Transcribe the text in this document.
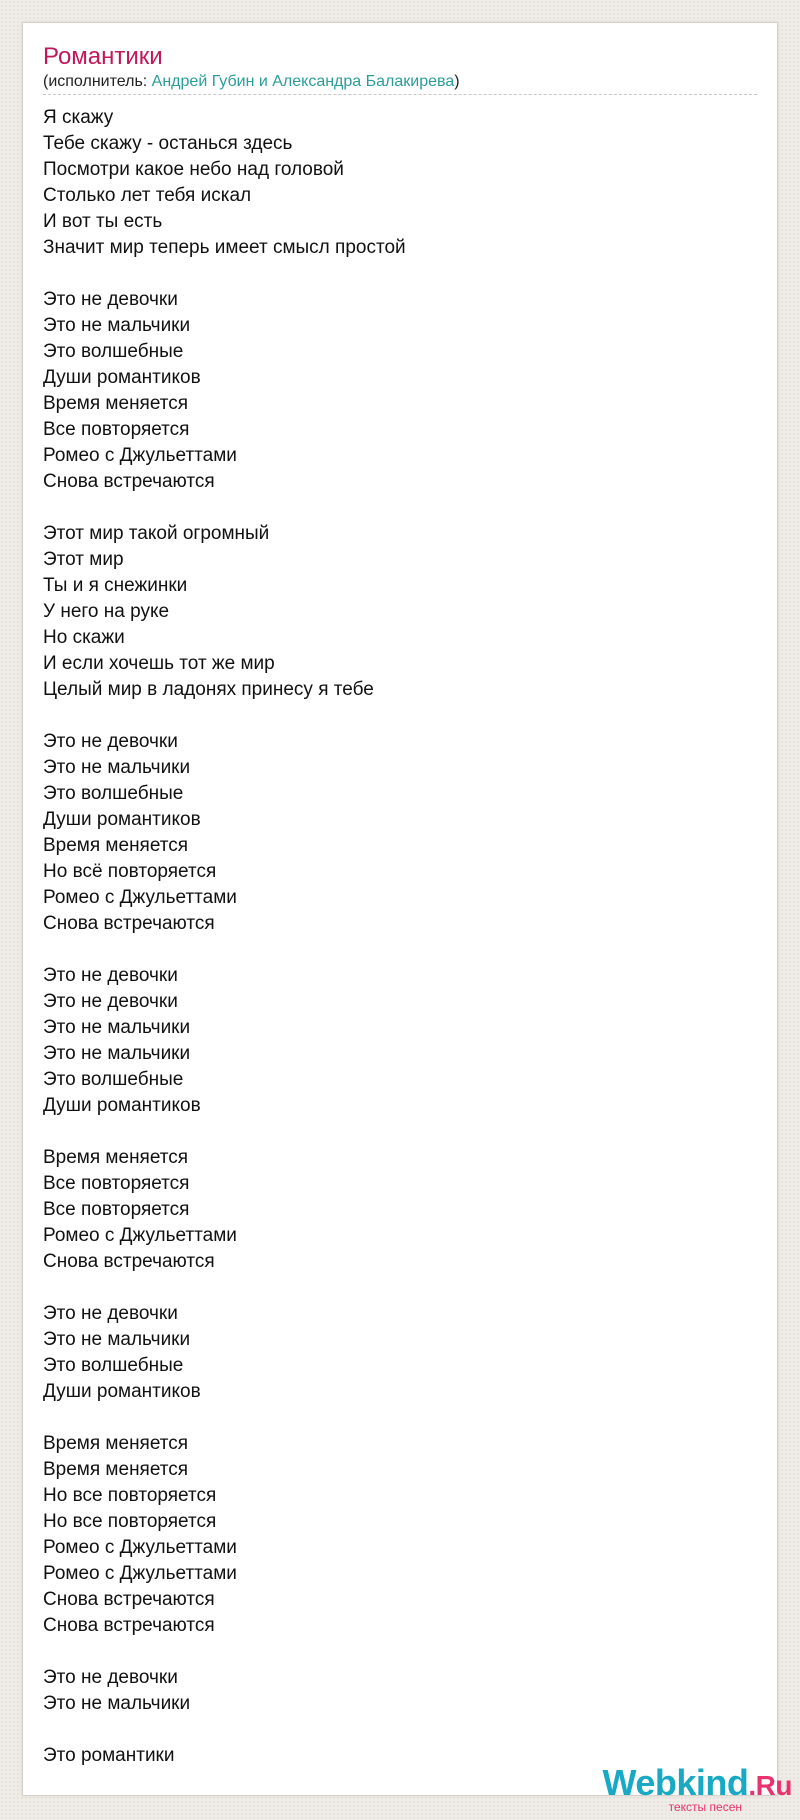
Романтики
(исполнитель: Андрей Губин и Александра Балакирева)
Я скажу
Тебе скажу - останься здесь
Посмотри какое небо над головой
Столько лет тебя искал
И вот ты есть
Значит мир теперь имеет смысл простой
Это не девочки
Это не мальчики
Это волшебные
Души романтиков
Время меняется
Все повторяется
Ромео с Джульеттами
Снова встречаются
Этот мир такой огромный
Этот мир
Ты и я снежинки
У него на руке
Но скажи
И если хочешь тот же мир
Целый мир в ладонях принесу я тебе
Это не девочки
Это не мальчики
Это волшебные
Души романтиков
Время меняется
Но всё повторяется
Ромео с Джульеттами
Снова встречаются
Это не девочки
Это не девочки
Это не мальчики
Это не мальчики
Это волшебные
Души романтиков
Время меняется
Все повторяется
Все повторяется
Ромео с Джульеттами
Снова встречаются
Это не девочки
Это не мальчики
Это волшебные
Души романтиков
Время меняется
Время меняется
Но все повторяется
Но все повторяется
Ромео с Джульеттами
Ромео с Джульеттами
Снова встречаются
Снова встречаются
Это не девочки
Это не мальчики
Это романтики
Webkind.Ru
тексты песен
